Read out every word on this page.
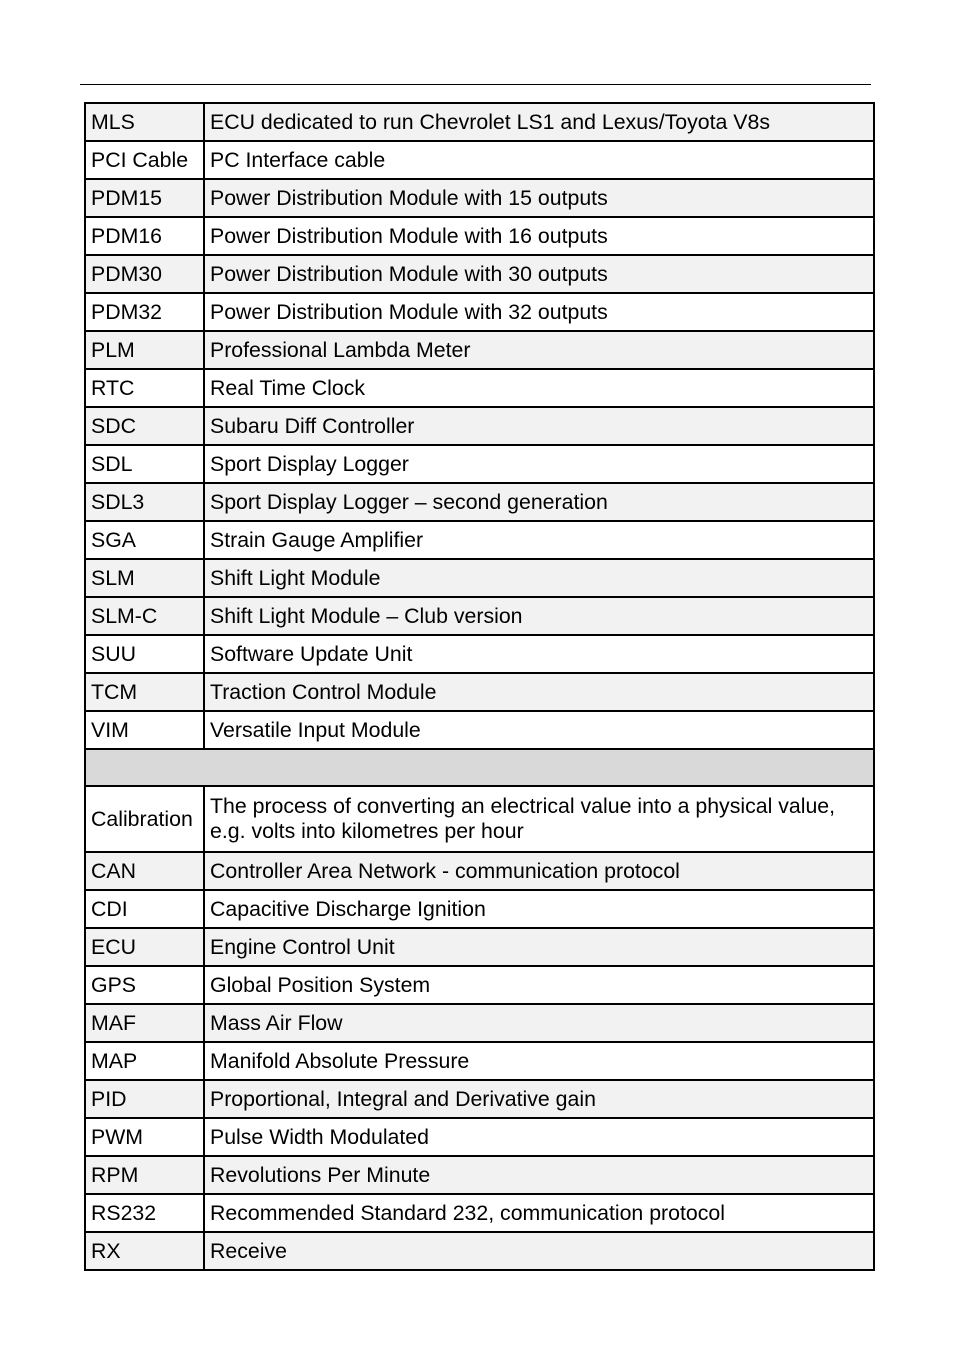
MLS	ECU dedicated to run Chevrolet LS1 and Lexus/Toyota V8s
PCI Cable	PC Interface cable
PDM15	Power Distribution Module with 15 outputs
PDM16	Power Distribution Module with 16 outputs
PDM30	Power Distribution Module with 30 outputs
PDM32	Power Distribution Module with 32 outputs
PLM	Professional Lambda Meter
RTC	Real Time Clock
SDC	Subaru Diff Controller
SDL	Sport Display Logger
SDL3	Sport Display Logger – second generation
SGA	Strain Gauge Amplifier
SLM	Shift Light Module
SLM-C	Shift Light Module – Club version
SUU	Software Update Unit
TCM	Traction Control Module
VIM	Versatile Input Module

Calibration	The process of converting an electrical value into a physical value, e.g. volts into kilometres per hour
CAN	Controller Area Network - communication protocol
CDI	Capacitive Discharge Ignition
ECU	Engine Control Unit
GPS	Global Position System
MAF	Mass Air Flow
MAP	Manifold Absolute Pressure
PID	Proportional, Integral and Derivative gain
PWM	Pulse Width Modulated
RPM	Revolutions Per Minute
RS232	Recommended Standard 232, communication protocol
RX	Receive
